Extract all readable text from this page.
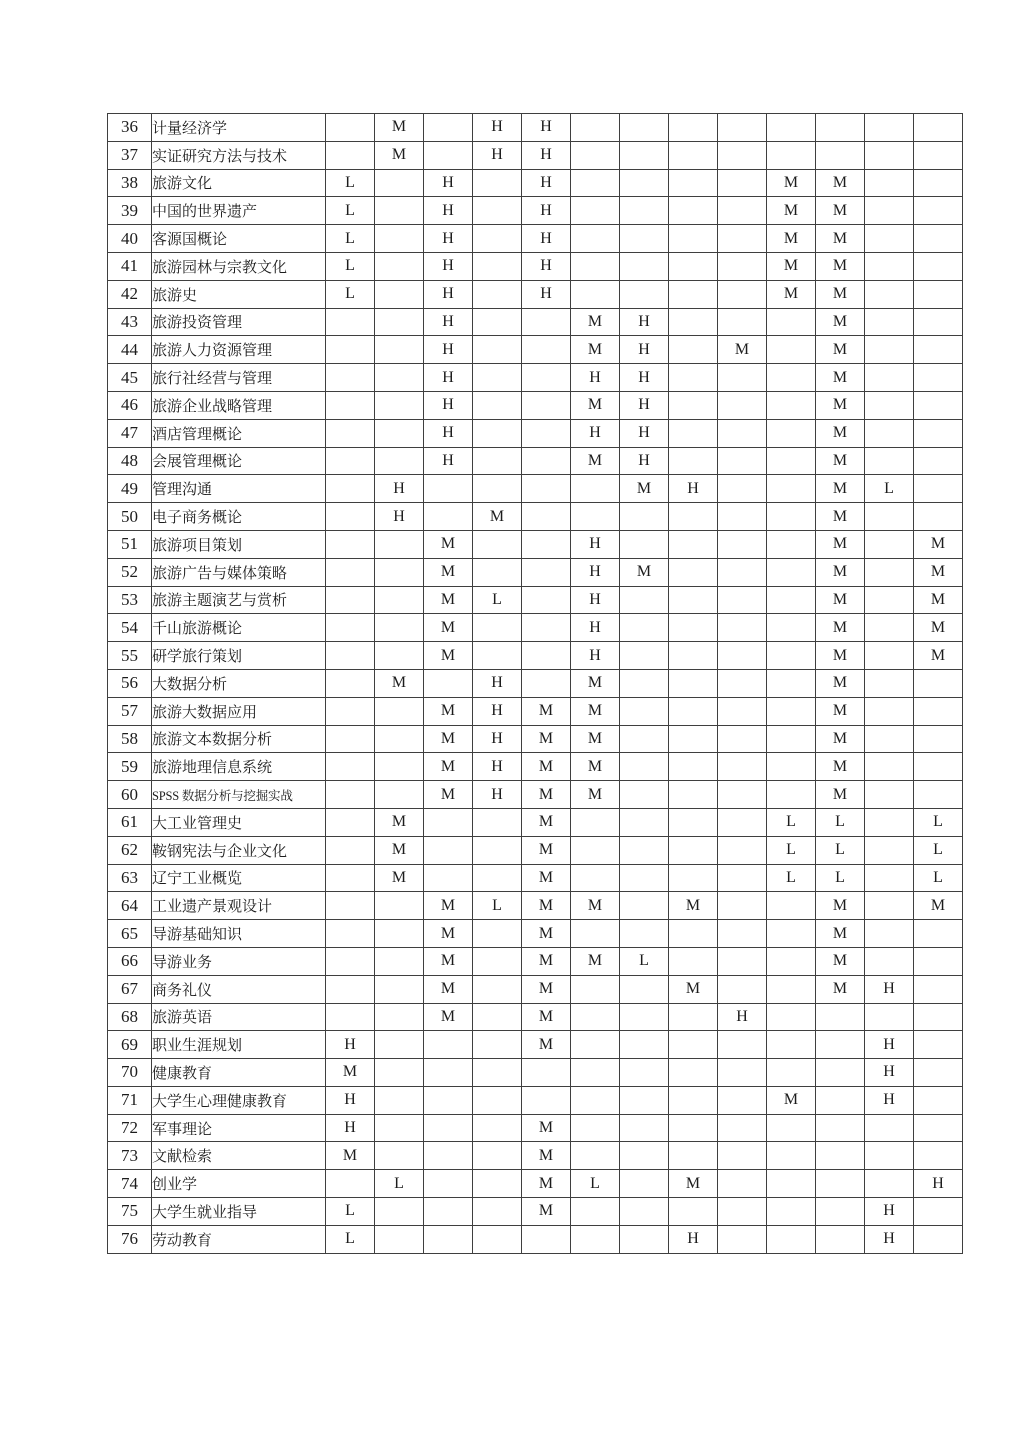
36	计量经济学		M		H	H								
37	实证研究方法与技术		M		H	H								
38	旅游文化	L		H		H					M	M		
39	中国的世界遗产	L		H		H					M	M		
40	客源国概论	L		H		H					M	M		
41	旅游园林与宗教文化	L		H		H					M	M		
42	旅游史	L		H		H					M	M		
43	旅游投资管理			H			M	H				M		
44	旅游人力资源管理			H			M	H		M		M		
45	旅行社经营与管理			H			H	H				M		
46	旅游企业战略管理			H			M	H				M		
47	酒店管理概论			H			H	H				M		
48	会展管理概论			H			M	H				M		
49	管理沟通		H					M	H			M	L	
50	电子商务概论		H		M							M		
51	旅游项目策划			M			H					M		M
52	旅游广告与媒体策略			M			H	M				M		M
53	旅游主题演艺与赏析			M	L		H					M		M
54	千山旅游概论			M			H					M		M
55	研学旅行策划			M			H					M		M
56	大数据分析		M		H		M					M		
57	旅游大数据应用			M	H	M	M					M		
58	旅游文本数据分析			M	H	M	M					M		
59	旅游地理信息系统			M	H	M	M					M		
60	SPSS 数据分析与挖掘实战			M	H	M	M					M		
61	大工业管理史		M			M					L	L		L
62	鞍钢宪法与企业文化		M			M					L	L		L
63	辽宁工业概览		M			M					L	L		L
64	工业遗产景观设计			M	L	M	M		M			M		M
65	导游基础知识			M		M						M		
66	导游业务			M		M	M	L				M		
67	商务礼仪			M		M			M			M	H	
68	旅游英语			M		M				H				
69	职业生涯规划	H				M							H	
70	健康教育	M											H	
71	大学生心理健康教育	H									M		H	
72	军事理论	H				M								
73	文献检索	M				M								
74	创业学		L			M	L		M					H
75	大学生就业指导	L				M							H	
76	劳动教育	L							H				H	
